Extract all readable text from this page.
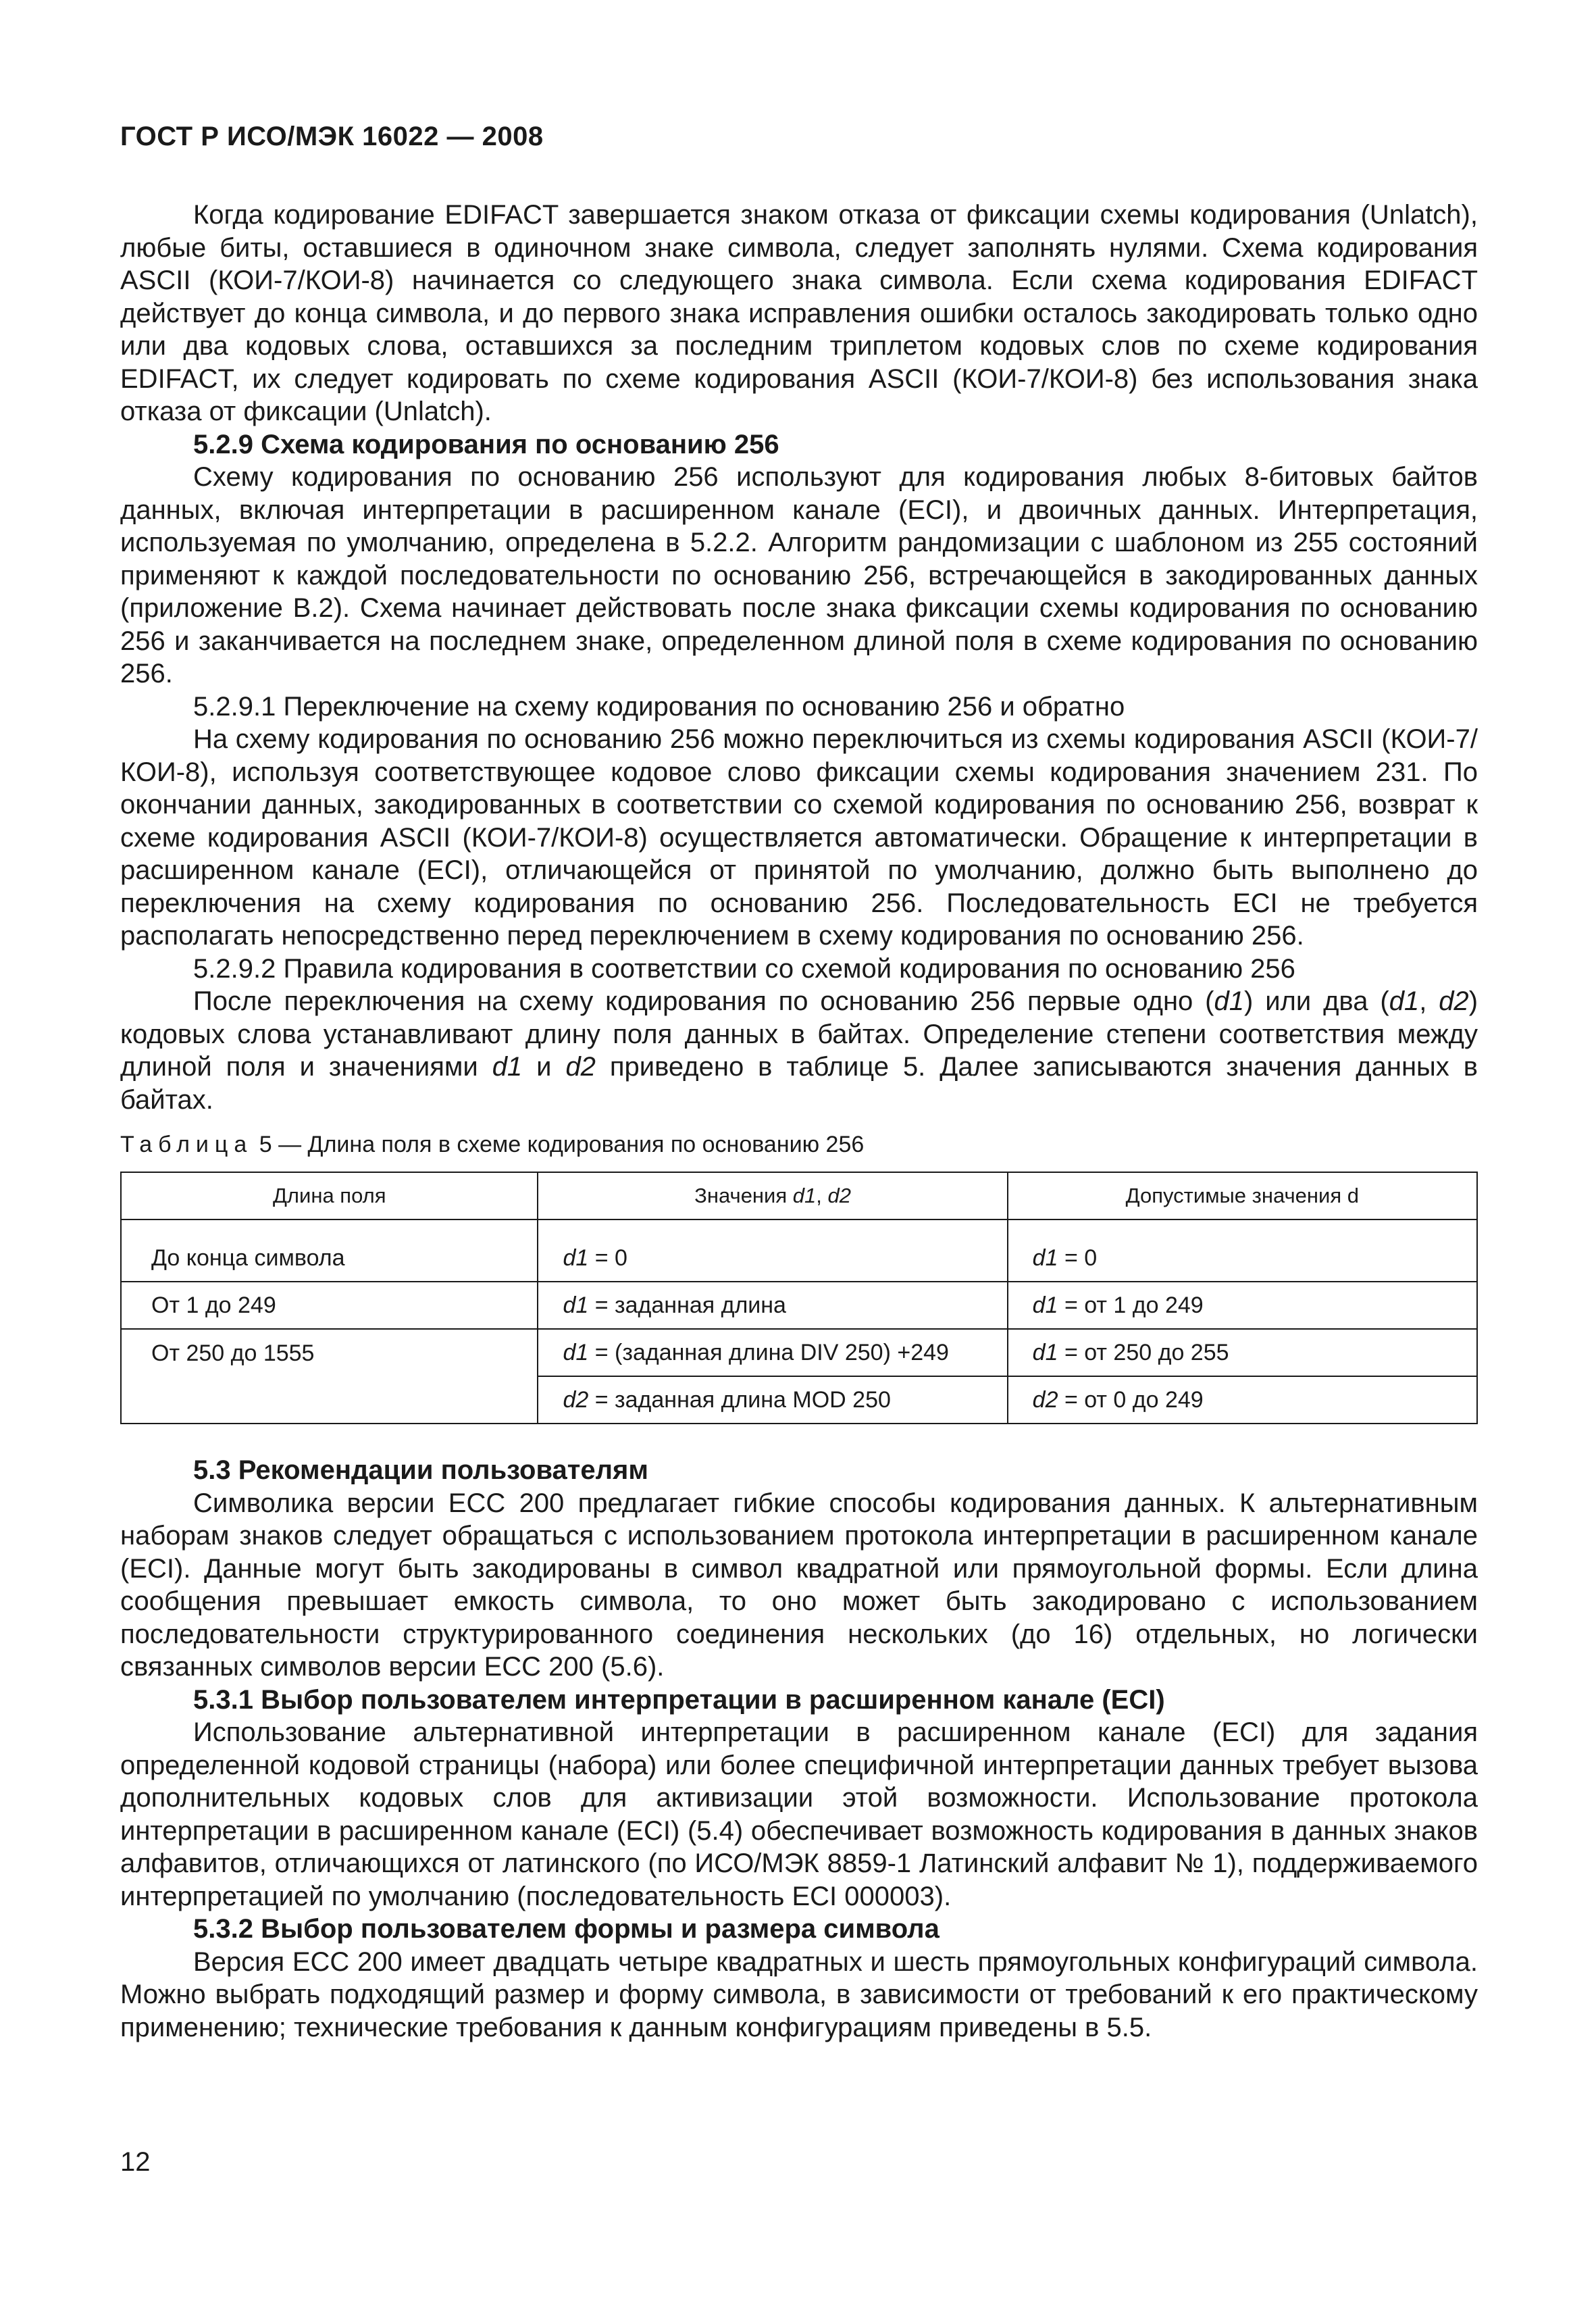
ГОСТ Р ИСО/МЭК 16022 — 2008

Когда кодирование EDIFACT завершается знаком отказа от фиксации схемы кодирования (Unlatch), любые биты, оставшиеся в одиночном знаке символа, следует заполнять нулями. Схема кодирования ASCII (КОИ-7/КОИ-8) начинается со следующего знака символа. Если схема кодирования EDIFACT действует до конца символа, и до первого знака исправления ошибки осталось закодировать только одно или два кодовых слова, оставшихся за последним триплетом кодовых слов по схеме кодирования EDIFACT, их следует кодировать по схеме кодирования ASCII (КОИ-7/КОИ-8) без использования знака отказа от фиксации (Unlatch).

5.2.9 Схема кодирования по основанию 256

Схему кодирования по основанию 256 используют для кодирования любых 8-битовых байтов данных, включая интерпретации в расширенном канале (ECI), и двоичных данных. Интерпретация, используемая по умолчанию, определена в 5.2.2. Алгоритм рандомизации с шаблоном из 255 состояний применяют к каждой последовательности по основанию 256, встречающейся в закодированных данных (приложение В.2). Схема начинает действовать после знака фиксации схемы кодирования по основанию 256 и заканчивается на последнем знаке, определенном длиной поля в схеме кодирования по основанию 256.

5.2.9.1 Переключение на схему кодирования по основанию 256 и обратно

На схему кодирования по основанию 256 можно переключиться из схемы кодирования ASCII (КОИ-7/КОИ-8), используя соответствующее кодовое слово фиксации схемы кодирования значением 231. По окончании данных, закодированных в соответствии со схемой кодирования по основанию 256, возврат к схеме кодирования ASCII (КОИ-7/КОИ-8) осуществляется автоматически. Обращение к интерпретации в расширенном канале (ECI), отличающейся от принятой по умолчанию, должно быть выполнено до переключения на схему кодирования по основанию 256. Последовательность ECI не требуется располагать непосредственно перед переключением в схему кодирования по основанию 256.

5.2.9.2 Правила кодирования в соответствии со схемой кодирования по основанию 256

После переключения на схему кодирования по основанию 256 первые одно (d1) или два (d1, d2) кодовых слова устанавливают длину поля данных в байтах. Определение степени соответствия между длиной поля и значениями d1 и d2 приведено в таблице 5. Далее записываются значения данных в байтах.

Таблица 5 — Длина поля в схеме кодирования по основанию 256

Длина поля	Значения d1, d2	Допустимые значения d
До конца символа	d1 = 0	d1 = 0
От 1 до 249	d1 = заданная длина	d1 = от 1 до 249
От 250 до 1555	d1 = (заданная длина DIV 250) +249	d1 = от 250 до 255
	d2 = заданная длина MOD 250	d2 = от 0 до 249

5.3 Рекомендации пользователям

Символика версии ЕСС 200 предлагает гибкие способы кодирования данных. К альтернативным наборам знаков следует обращаться с использованием протокола интерпретации в расширенном канале (ECI). Данные могут быть закодированы в символ квадратной или прямоугольной формы. Если длина сообщения превышает емкость символа, то оно может быть закодировано с использованием последовательности структурированного соединения нескольких (до 16) отдельных, но логически связанных символов версии ЕСС 200 (5.6).

5.3.1 Выбор пользователем интерпретации в расширенном канале (ECI)

Использование альтернативной интерпретации в расширенном канале (ECI) для задания определенной кодовой страницы (набора) или более специфичной интерпретации данных требует вызова дополнительных кодовых слов для активизации этой возможности. Использование протокола интерпретации в расширенном канале (ECI) (5.4) обеспечивает возможность кодирования в данных знаков алфавитов, отличающихся от латинского (по ИСО/МЭК 8859-1 Латинский алфавит № 1), поддерживаемого интерпретацией по умолчанию (последовательность ECI 000003).

5.3.2 Выбор пользователем формы и размера символа

Версия ЕСС 200 имеет двадцать четыре квадратных и шесть прямоугольных конфигураций символа. Можно выбрать подходящий размер и форму символа, в зависимости от требований к его практическому применению; технические требования к данным конфигурациям приведены в 5.5.

12
